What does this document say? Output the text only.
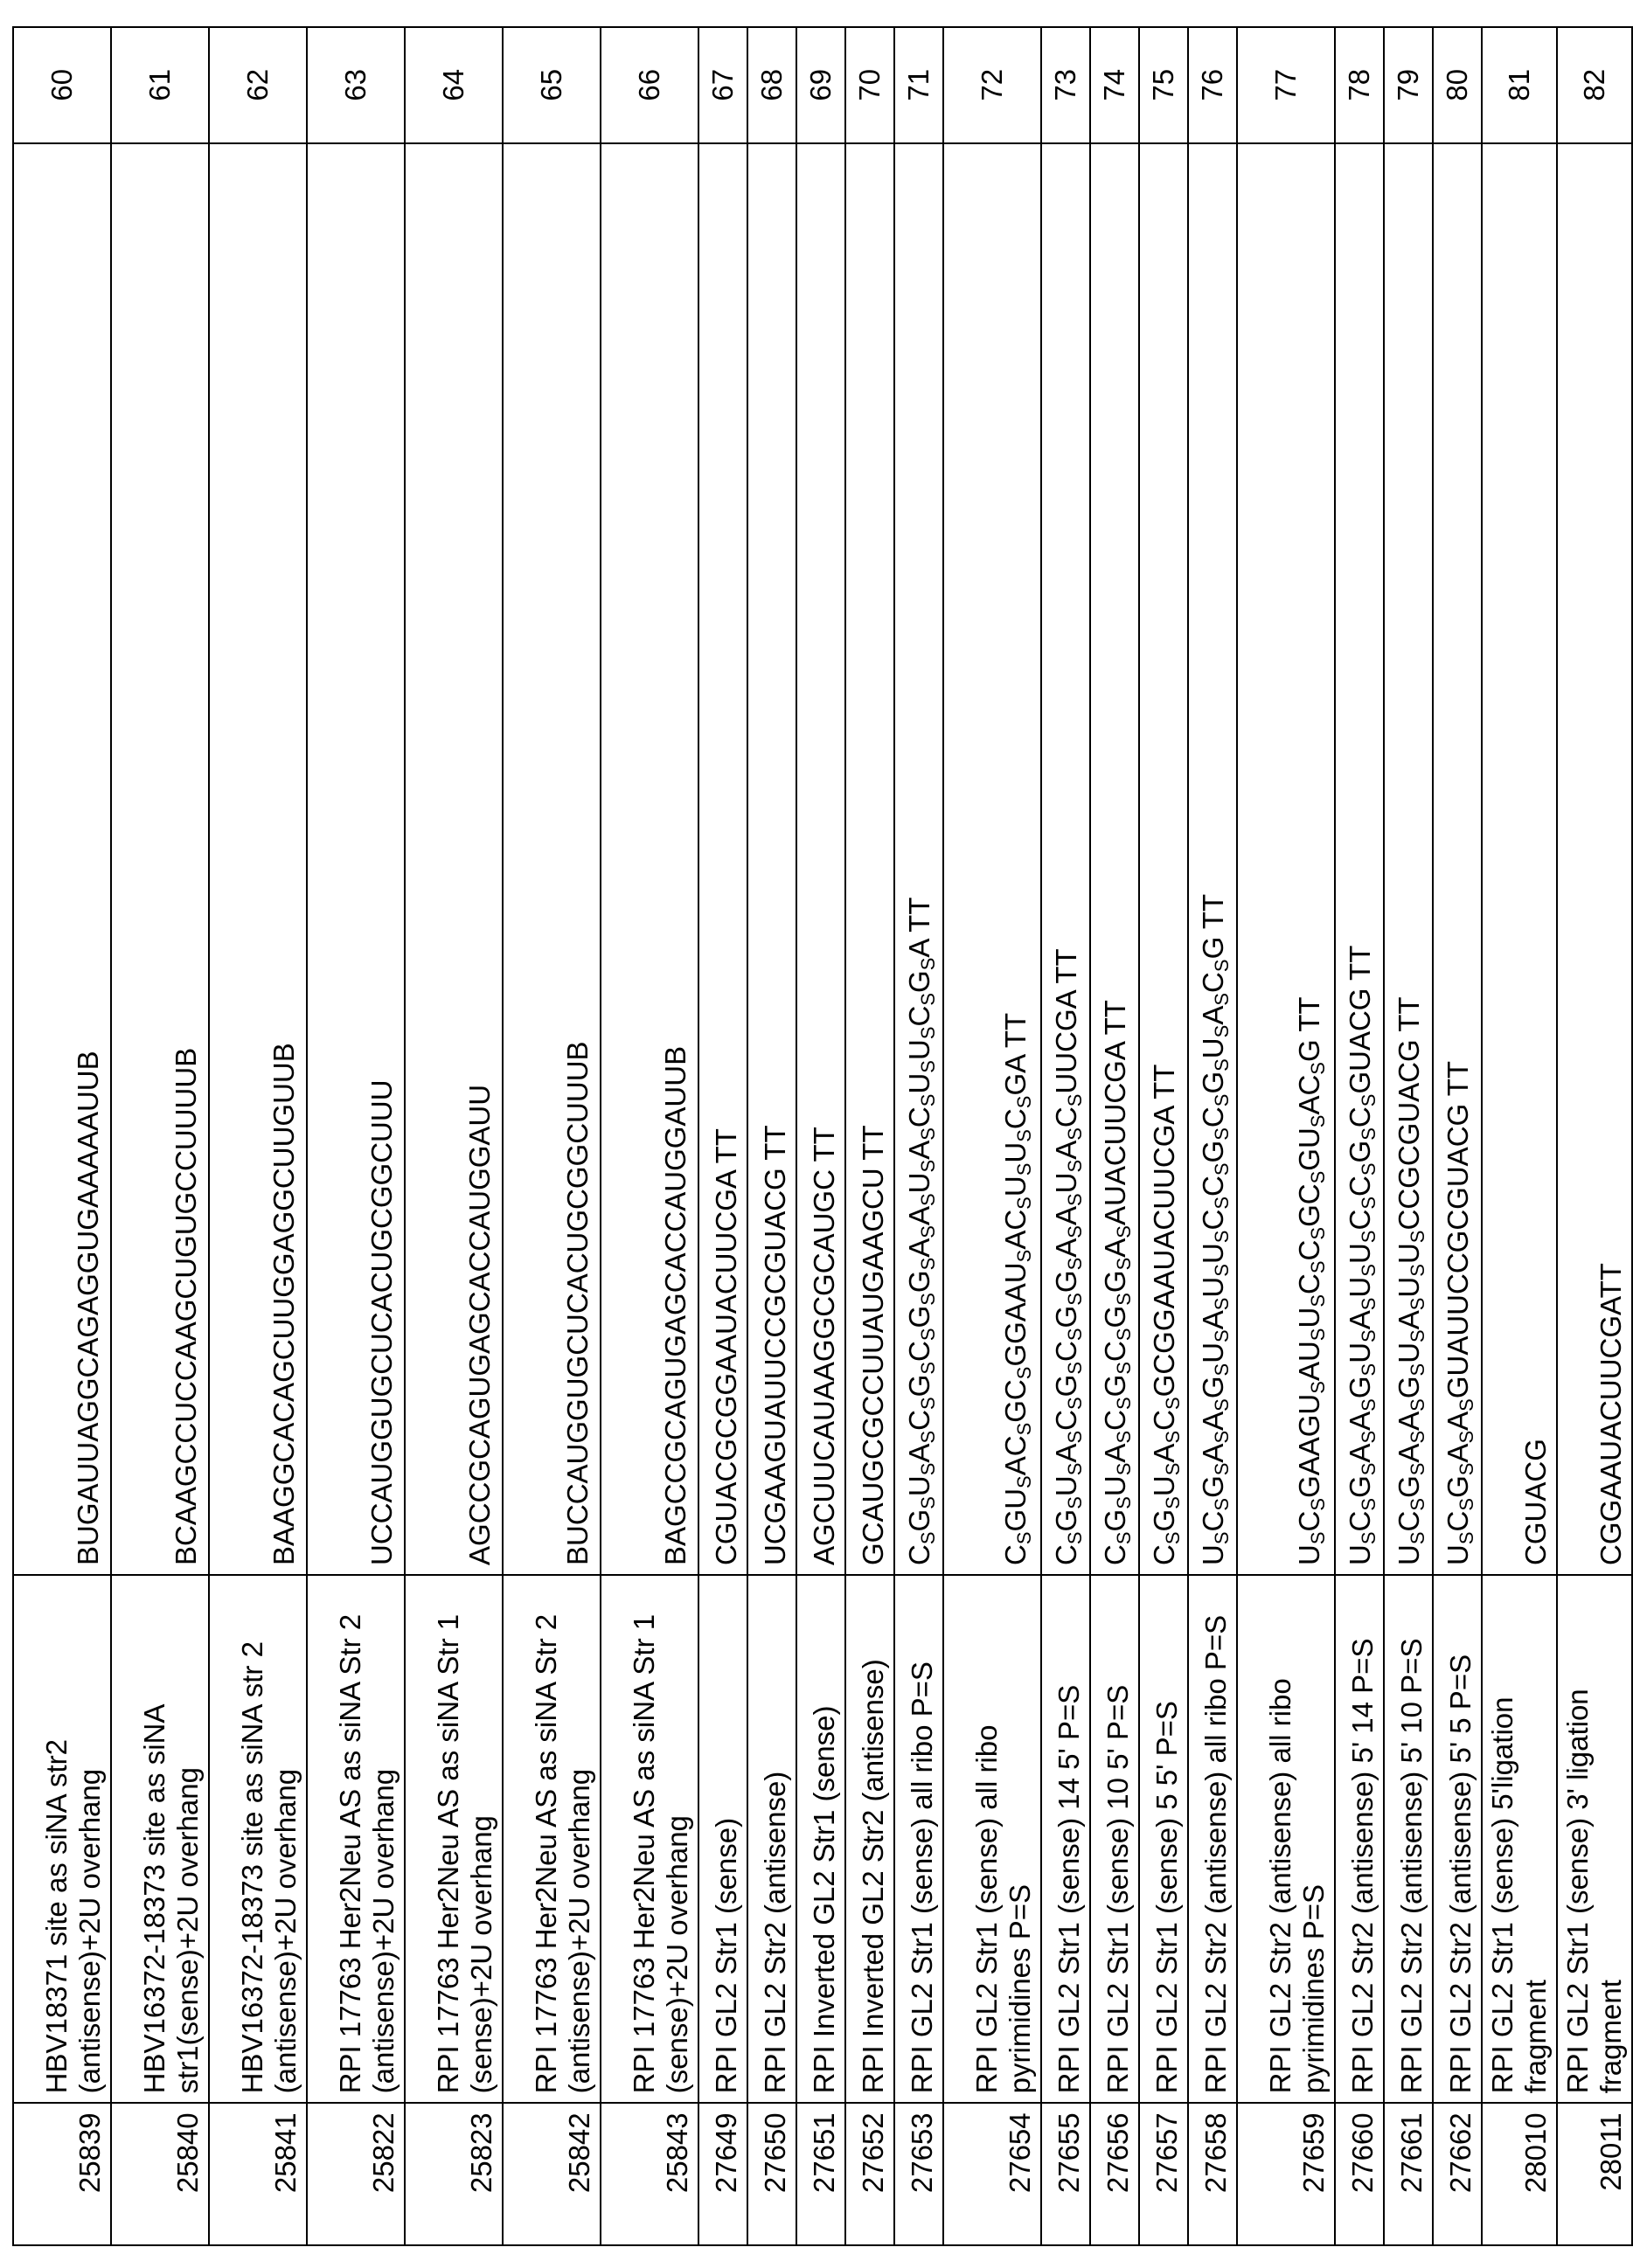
25839	HBV18371 site as siNA str2 (antisense)+2U overhang	BUGAUUAGGCAGAGGUGAAAAAUUB	60
25840	HBV16372-18373 site as siNA str1(sense)+2U overhang	BCAAGCCUCCAAGCUGUGCCUUUUB	61
25841	HBV16372-18373 site as siNA str 2 (antisense)+2U overhang	BAAGGCACAGCUUGGAGGCUUGUUB	62
25822	RPI 17763 Her2Neu AS as siNA Str 2 (antisense)+2U overhang	UCCAUGGUGCUCACUGCGGCUUU	63
25823	RPI 17763 Her2Neu AS as siNA Str 1 (sense)+2U overhang	AGCCGCAGUGAGCACCAUGGAUU	64
25842	RPI 17763 Her2Neu AS as siNA Str 2 (antisense)+2U overhang	BUCCAUGGUGCUCACUGCGGCUUUB	65
25843	RPI 17763 Her2Neu AS as siNA Str 1 (sense)+2U overhang	BAGCCGCAGUGAGCACCAUGGAUUB	66
27649	RPI GL2 Str1 (sense)	CGUACGCGGAAUACUUCGA TT	67
27650	RPI GL2 Str2 (antisense)	UCGAAGUAUUCCGCGUACG TT	68
27651	RPI Inverted GL2 Str1 (sense)	AGCUUCAUAAGGCGCAUGC TT	69
27652	RPI Inverted GL2 Str2 (antisense)	GCAUGCGCCUUAUGAAGCU TT	70
27653	RPI GL2 Str1 (sense) all ribo P=S	$C_SG_SU_SA_SC_SG_SC_SG_SG_SA_SA_SU_SA_SC_SU_SU_SC_SG_SA$ TT	71
27654	RPI GL2 Str1 (sense) all ribo pyrimidines P=S	$C_SGU_SAC_SGC_SGGAAU_SAC_SU_SU_SC_SGA$ TT	72
27655	RPI GL2 Str1 (sense) 14 5' P=S	$C_SG_SU_SA_SC_SG_SC_SG_SG_SA_SA_SU_SA_SC_SUUCGA$ TT	73
27656	RPI GL2 Str1 (sense) 10 5' P=S	$C_SG_SU_SA_SC_SG_SC_SG_SG_SA_SAUACUUCGA$ TT	74
27657	RPI GL2 Str1 (sense) 5 5' P=S	$C_SG_SU_SA_SC_SGCGGAAUACUUCGA$ TT	75
27658	RPI GL2 Str2 (antisense) all ribo P=S	$U_SC_SG_SA_SA_SG_SU_SA_SU_SU_SC_SC_SG_SC_SG_SU_SA_SC_SG$ TT	76
27659	RPI GL2 Str2 (antisense) all ribo pyrimidines P=S	$U_SC_SGAAGU_SAU_SU_SC_SC_SGC_SGU_SAC_SG$ TT	77
27660	RPI GL2 Str2 (antisense) 5' 14 P=S	$U_SC_SG_SA_SA_SG_SU_SA_SU_SU_SC_SC_SG_SC_SGUACG$ TT	78
27661	RPI GL2 Str2 (antisense) 5' 10 P=S	$U_SC_SG_SA_SA_SG_SU_SA_SU_SU_SCCGCGUACG$ TT	79
27662	RPI GL2 Str2 (antisense) 5' 5 P=S	$U_SC_SG_SA_SA_SGUAUUCCGCGUACG$ TT	80
28010	RPI GL2 Str1 (sense) 5'ligation fragment	CGUACG	81
28011	RPI GL2 Str1 (sense) 3' ligation fragment	CGGAAUACUUCGATT	82
